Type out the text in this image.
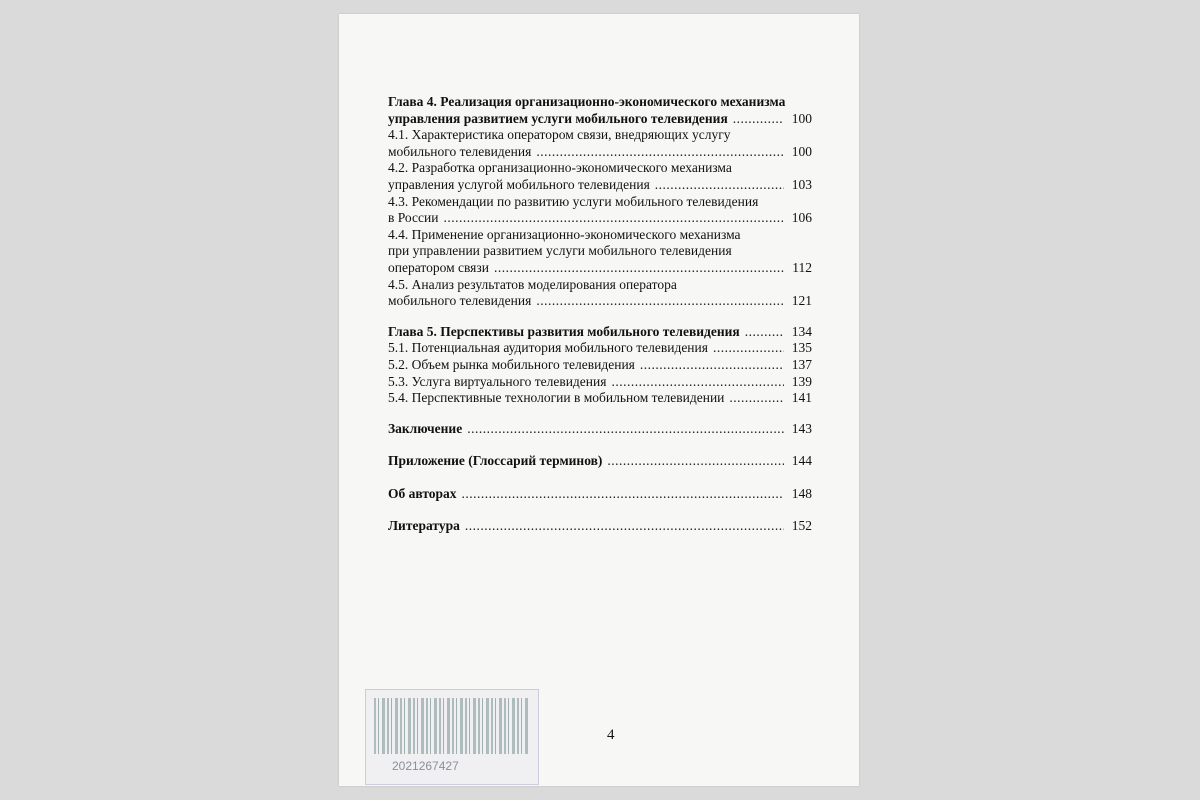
Глава 4. Реализация организационно-экономического механизма
управления развитием услуги мобильного телевидения .....	100
4.1. Характеристика оператором связи, внедряющих услугу
мобильного телевидения .....	100
4.2. Разработка организационно-экономического механизма
управления услугой мобильного телевидения .....	103
4.3. Рекомендации по развитию услуги мобильного телевидения
в России .....	106
4.4. Применение организационно-экономического механизма
при управлении развитием услуги мобильного телевидения
оператором связи .....	112
4.5. Анализ результатов моделирования оператора
мобильного телевидения .....	121
Глава 5. Перспективы развития мобильного телевидения .....	134
5.1. Потенциальная аудитория мобильного телевидения .....	135
5.2. Объем рынка мобильного телевидения .....	137
5.3. Услуга виртуального телевидения .....	139
5.4. Перспективные технологии в мобильном телевидении .....	141
Заключение .....	143
Приложение (Глоссарий терминов) .....	144
Об авторах .....	148
Литература .....	152
2021267427
4
